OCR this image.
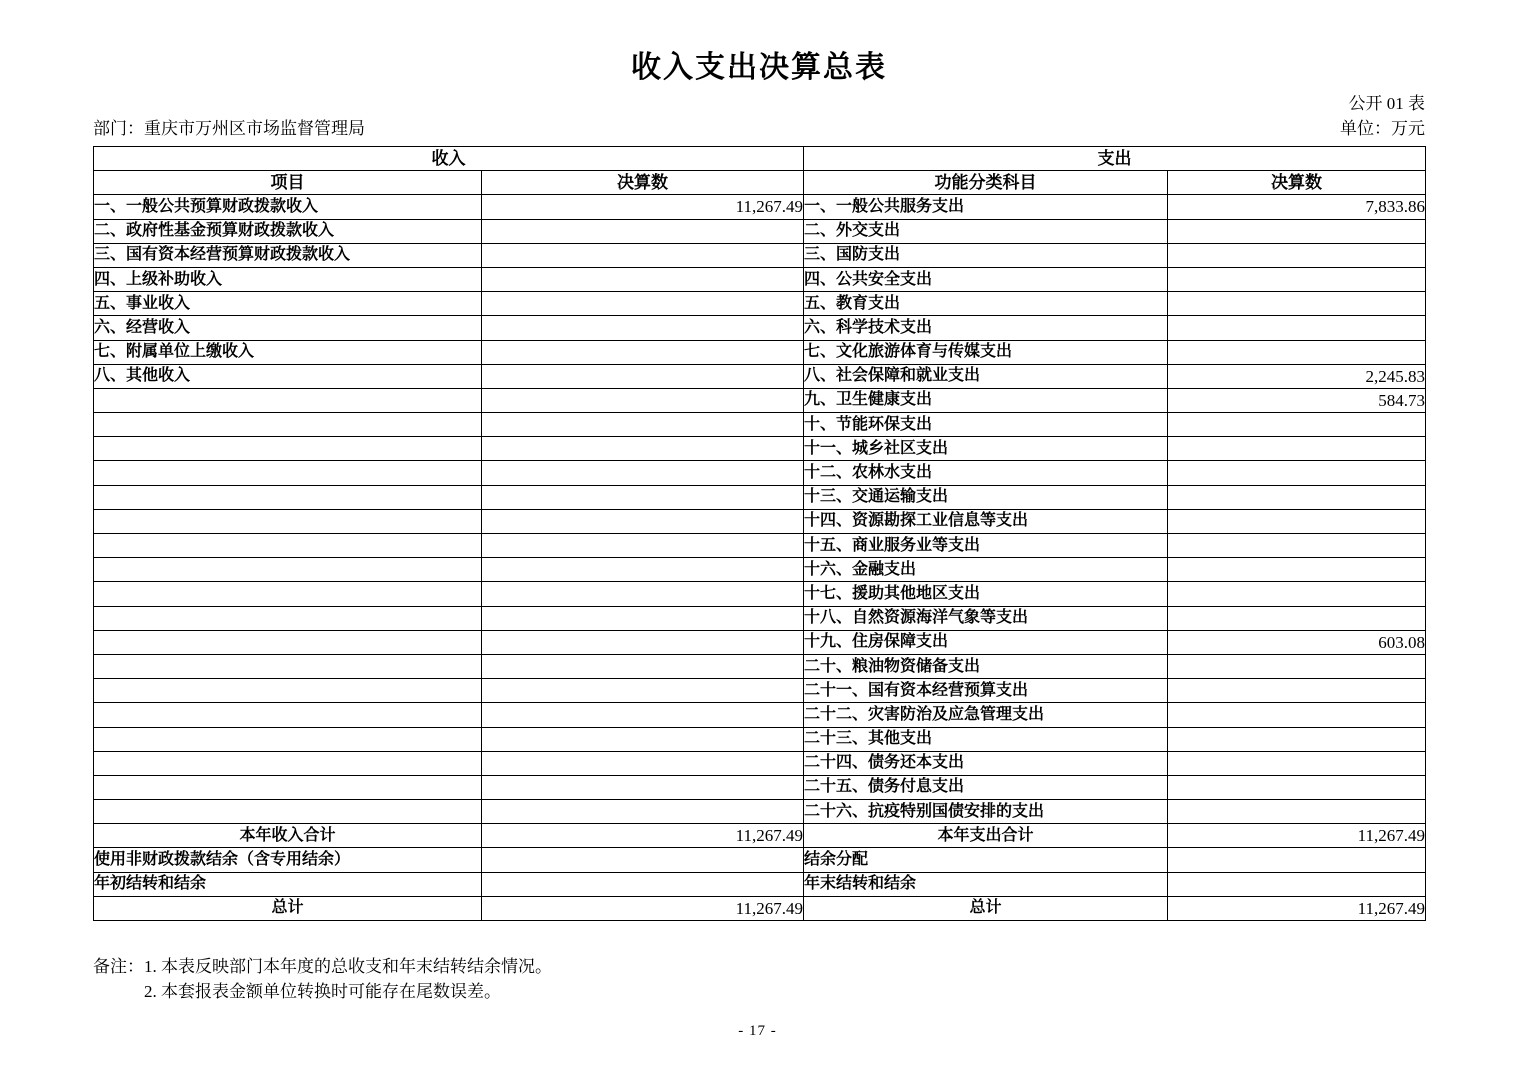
收入支出决算总表
公开 01 表
部门：重庆市万州区市场监督管理局	单位：万元
收入		支出	
项目	决算数	功能分类科目	决算数
一、一般公共预算财政拨款收入	11,267.49	一、一般公共服务支出	7,833.86
二、政府性基金预算财政拨款收入		二、外交支出	
三、国有资本经营预算财政拨款收入		三、国防支出	
四、上级补助收入		四、公共安全支出	
五、事业收入		五、教育支出	
六、经营收入		六、科学技术支出	
七、附属单位上缴收入		七、文化旅游体育与传媒支出	
八、其他收入		八、社会保障和就业支出	2,245.83
		九、卫生健康支出	584.73
		十、节能环保支出	
		十一、城乡社区支出	
		十二、农林水支出	
		十三、交通运输支出	
		十四、资源勘探工业信息等支出	
		十五、商业服务业等支出	
		十六、金融支出	
		十七、援助其他地区支出	
		十八、自然资源海洋气象等支出	
		十九、住房保障支出	603.08
		二十、粮油物资储备支出	
		二十一、国有资本经营预算支出	
		二十二、灾害防治及应急管理支出	
		二十三、其他支出	
		二十四、债务还本支出	
		二十五、债务付息支出	
		二十六、抗疫特别国债安排的支出	
本年收入合计	11,267.49	本年支出合计	11,267.49
使用非财政拨款结余（含专用结余）		结余分配	
年初结转和结余		年末结转和结余	
总计	11,267.49	总计	11,267.49
备注： 1. 本表反映部门本年度的总收支和年末结转结余情况。
2. 本套报表金额单位转换时可能存在尾数误差。
- 17 -
